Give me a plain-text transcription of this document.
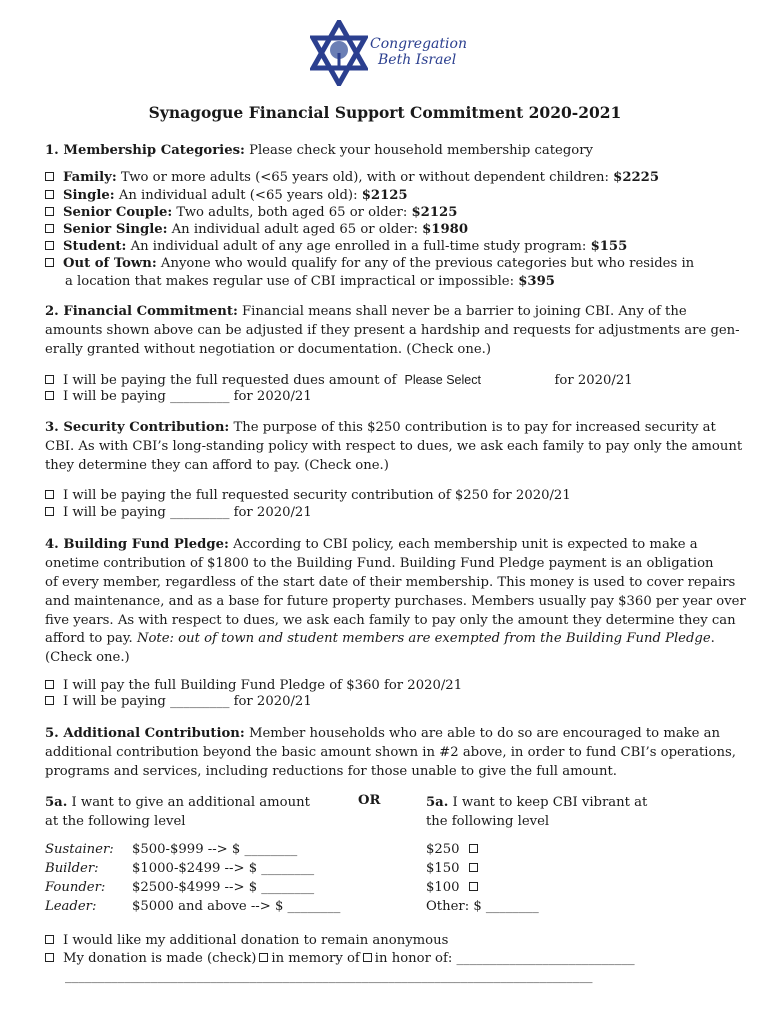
Congregation
Beth Israel
Synagogue Financial Support Commitment 2020-2021
1. Membership Categories: Please check your household membership category
Family: Two or more adults (<65 years old), with or without dependent children: $2225
Single: An individual adult (<65 years old): $2125
Senior Couple: Two adults, both aged 65 or older: $2125
Senior Single: An individual adult aged 65 or older: $1980
Student: An individual adult of any age enrolled in a full-time study program: $155
Out of Town: Anyone who would qualify for any of the previous categories but who resides in
a location that makes regular use of CBI impractical or impossible: $395
2. Financial Commitment: Financial means shall never be a barrier to joining CBI. Any of the
amounts shown above can be adjusted if they present a hardship and requests for adjustments are gen-
erally granted without negotiation or documentation. (Check one.)
I will be paying the full requested dues amount of Please Select	for 2020/21
I will be paying _________ for 2020/21
3. Security Contribution: The purpose of this $250 contribution is to pay for increased security at
CBI. As with CBI’s long-standing policy with respect to dues, we ask each family to pay only the amount
they determine they can afford to pay. (Check one.)
I will be paying the full requested security contribution of $250 for 2020/21
I will be paying _________ for 2020/21
4. Building Fund Pledge: According to CBI policy, each membership unit is expected to make a
onetime contribution of $1800 to the Building Fund. Building Fund Pledge payment is an obligation
of every member, regardless of the start date of their membership. This money is used to cover repairs
and maintenance, and as a base for future property purchases. Members usually pay $360 per year over
five years. As with respect to dues, we ask each family to pay only the amount they determine they can
afford to pay. Note: out of town and student members are exempted from the Building Fund Pledge.
(Check one.)
I will pay the full Building Fund Pledge of $360 for 2020/21
I will be paying _________ for 2020/21
5. Additional Contribution: Member households who are able to do so are encouraged to make an
additional contribution beyond the basic amount shown in #2 above, in order to fund CBI’s operations,
programs and services, including reductions for those unable to give the full amount.
5a. I want to give an additional amount
at the following level
OR	5a. I want to keep CBI vibrant at
the following level
Sustainer:
Builder:
Founder:
Leader:
$500-$999 --> $ ________
$1000-$2499 --> $ ________
$2500-$4999 --> $ ________
$5000 and above --> $ ________
$250
$150
$100
Other: $ ________
I would like my additional donation to remain anonymous
My donation is made (check) in memory of in honor of: ___________________________
________________________________________________________________________________
